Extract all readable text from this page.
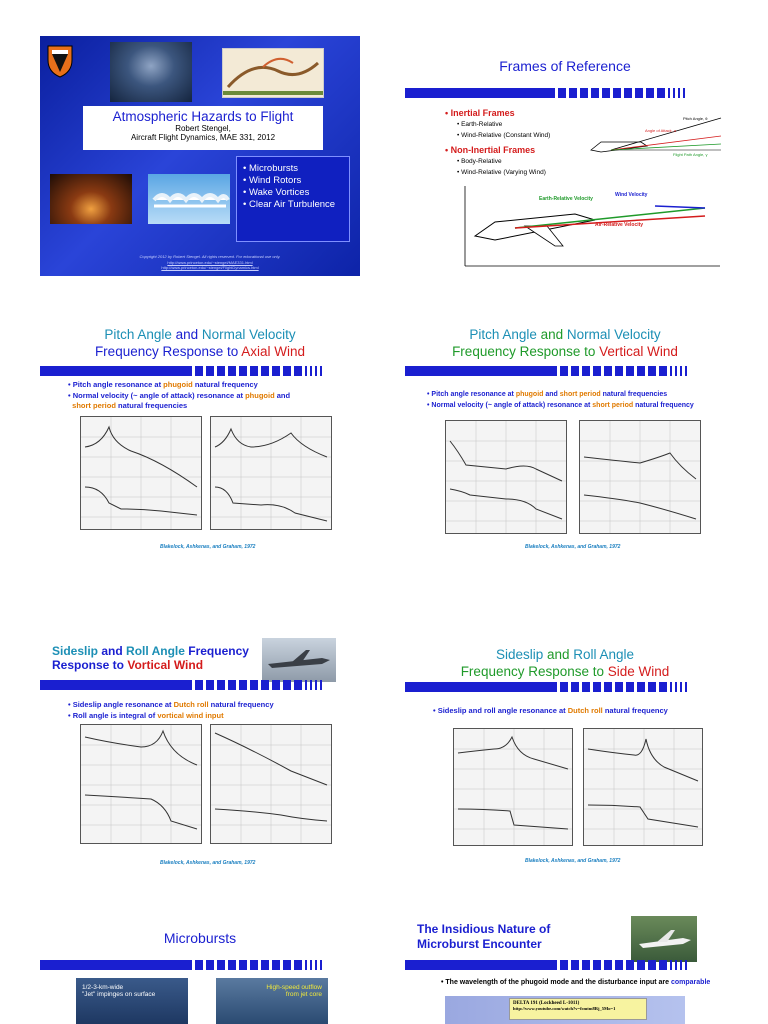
Atmospheric Hazards to Flight
Robert Stengel,
Aircraft Flight Dynamics, MAE 331, 2012
• Microbursts
• Wind Rotors
• Wake Vortices
• Clear Air Turbulence
Copyright 2012 by Robert Stengel. All rights reserved. For educational use only.
http://www.princeton.edu/~stengel/MAE331.html
http://www.princeton.edu/~stengel/FlightDynamics.html
Frames of Reference
• Inertial Frames
• Earth-Relative
• Wind-Relative (Constant Wind)
• Non-Inertial Frames
• Body-Relative
• Wind-Relative (Varying Wind)
Pitch Angle, θ
Angle of Attack, α
Flight Path Angle, γ
Earth-Relative Velocity
Wind Velocity
Air-Relative Velocity
Pitch Angle and Normal Velocity
Frequency Response to Axial Wind
• Pitch angle resonance at phugoid natural frequency
• Normal velocity (~ angle of attack) resonance at phugoid and
short period natural frequencies
Blakelock, Ashkenas, and Graham, 1972
Pitch Angle and Normal Velocity
Frequency Response to Vertical Wind
• Pitch angle resonance at phugoid and short period natural frequencies
• Normal velocity (~ angle of attack) resonance at short period natural frequency
Blakelock, Ashkenas, and Graham, 1972
Sideslip and Roll Angle Frequency
Response to Vortical Wind
• Sideslip angle resonance at Dutch roll natural frequency
• Roll angle is integral of vortical wind input
Blakelock, Ashkenas, and Graham, 1972
Sideslip and Roll Angle
Frequency Response to Side Wind
• Sideslip and roll angle resonance at Dutch roll natural frequency
Blakelock, Ashkenas, and Graham, 1972
Microbursts
1/2-3-km-wide
"Jet" impinges on surface
High-speed outflow
from jet core
The Insidious Nature of
Microburst Encounter
• The wavelength of the phugoid mode and the disturbance input are comparable
DELTA 191 (Lockheed L-1011)
http://www.youtube.com/watch?v=fcmtm8Rj_5Mo=1
